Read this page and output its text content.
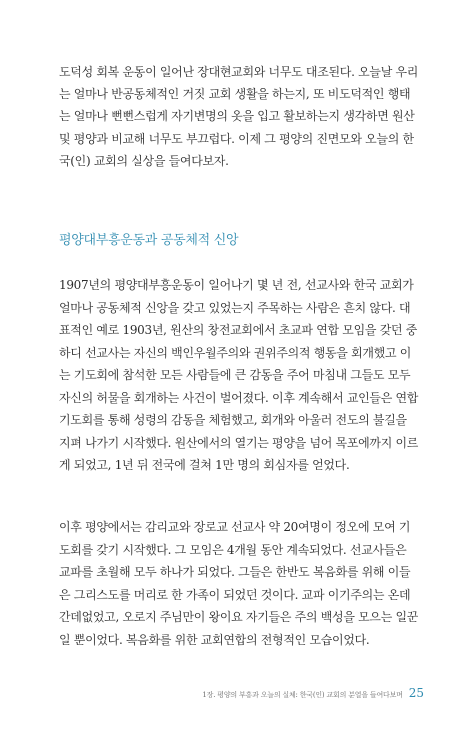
도덕성 회복 운동이 일어난 장대현교회와 너무도 대조된다. 오늘날 우리
는 얼마나 반공동체적인 거짓 교회 생활을 하는지, 또 비도덕적인 행태
는 얼마나 뻔뻔스럽게 자기변명의 옷을 입고 활보하는지 생각하면 원산
및 평양과 비교해 너무도 부끄럽다. 이제 그 평양의 진면모와 오늘의 한
국(인) 교회의 실상을 들여다보자.
평양대부흥운동과 공동체적 신앙
1907년의 평양대부흥운동이 일어나기 몇 년 전, 선교사와 한국 교회가
얼마나 공동체적 신앙을 갖고 있었는지 주목하는 사람은 흔치 않다. 대
표적인 예로 1903년, 원산의 창전교회에서 초교파 연합 모임을 갖던 중
하디 선교사는 자신의 백인우월주의와 권위주의적 행동을 회개했고 이
는 기도회에 참석한 모든 사람들에 큰 감동을 주어 마침내 그들도 모두
자신의 허물을 회개하는 사건이 벌어졌다. 이후 계속해서 교인들은 연합
기도회를 통해 성령의 감동을 체험했고, 회개와 아울러 전도의 불길을
지펴 나가기 시작했다. 원산에서의 열기는 평양을 넘어 목포에까지 이르
게 되었고, 1년 뒤 전국에 걸쳐 1만 명의 회심자를 얻었다.
이후 평양에서는 감리교와 장로교 선교사 약 20여명이 정오에 모여 기
도회를 갖기 시작했다. 그 모임은 4개월 동안 계속되었다. 선교사들은
교파를 초월해 모두 하나가 되었다. 그들은 한반도 복음화를 위해 이들
은 그리스도를 머리로 한 가족이 되었던 것이다. 교파 이기주의는 온데
간데없었고, 오로지 주님만이 왕이요 자기들은 주의 백성을 모으는 일꾼
일 뿐이었다. 복음화를 위한 교회연합의 전형적인 모습이었다.
1장. 평양의 부흥과 오늘의 실체: 한국(인) 교회의 분열을 들여다보며 25
